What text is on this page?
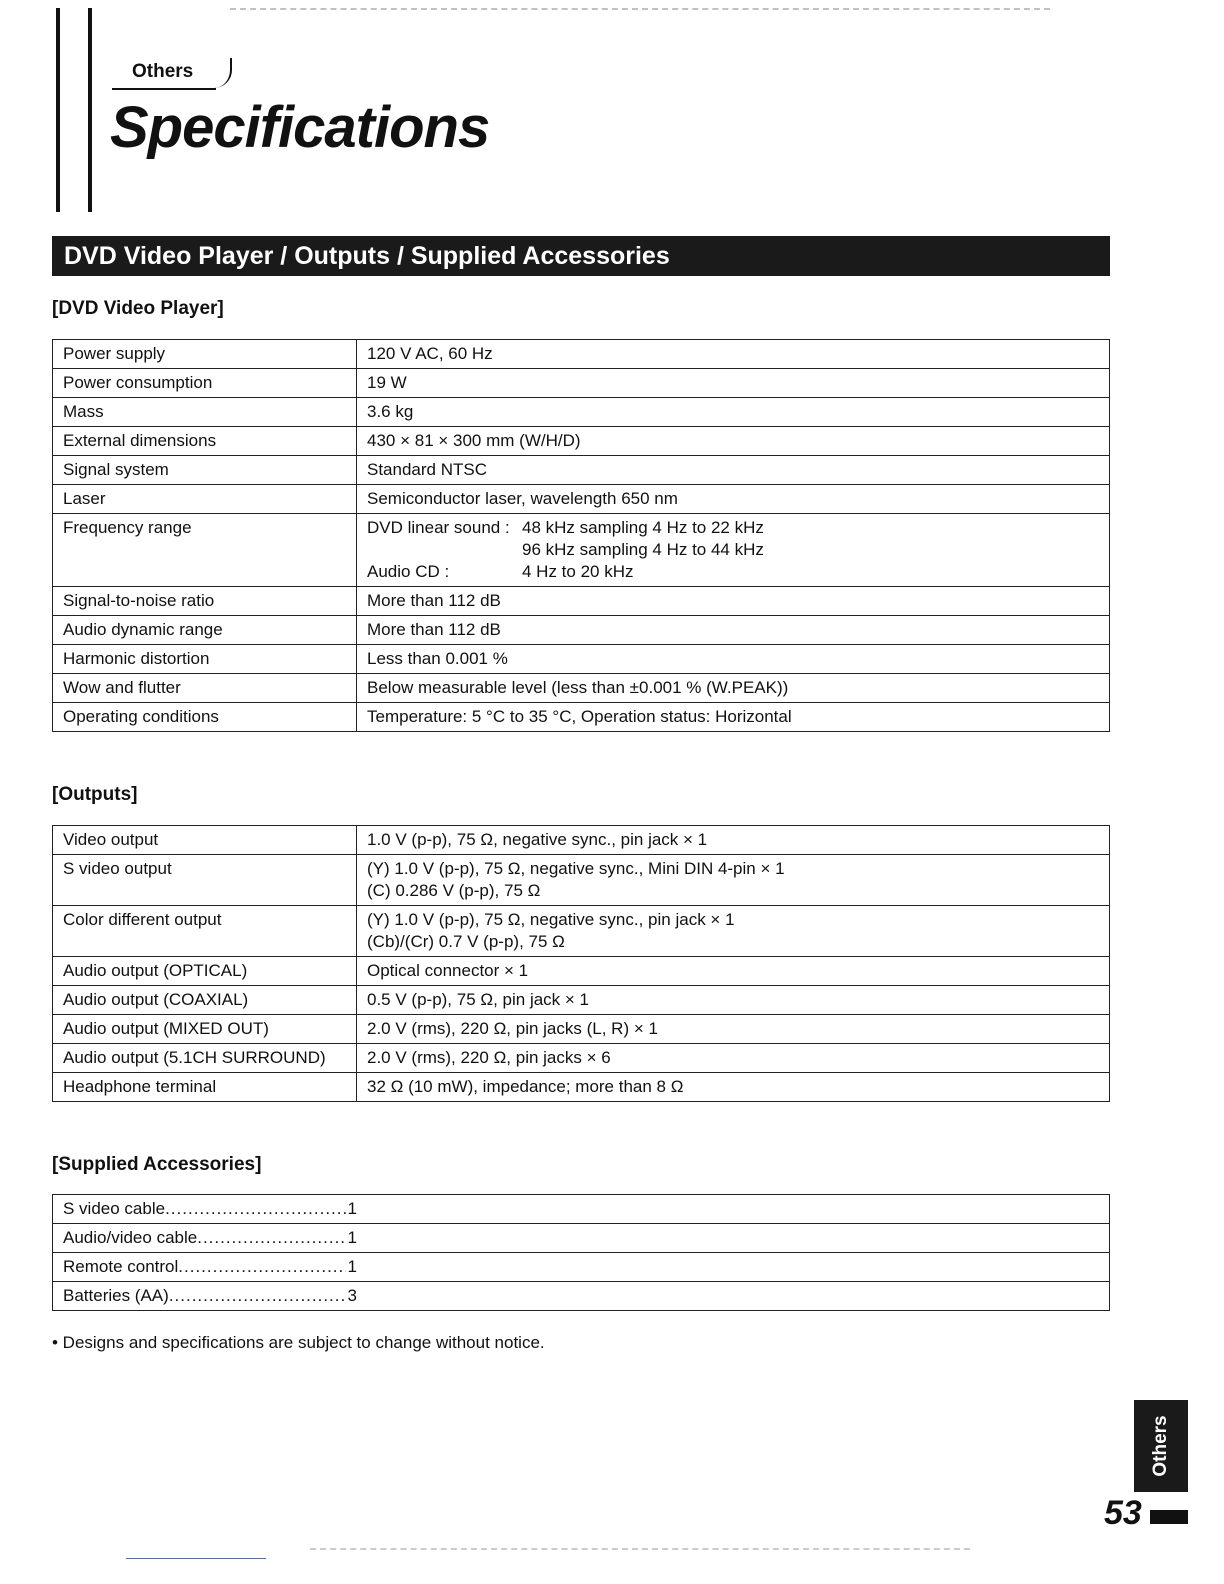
Others
Specifications
DVD Video Player / Outputs / Supplied Accessories
[DVD Video Player]
Power supply	120 V AC, 60 Hz

Power consumption	19 W

Mass	3.6 kg

External dimensions	430 × 81 × 300 mm (W/H/D)

Signal system	Standard NTSC

Laser	Semiconductor laser, wavelength 650 nm

Frequency range	DVD linear sound : 48 kHz sampling 4 Hz to 22 kHz
96 kHz sampling 4 Hz to 44 kHz
Audio CD : 4 Hz to 20 kHz

Signal-to-noise ratio	More than 112 dB

Audio dynamic range	More than 112 dB

Harmonic distortion	Less than 0.001 %

Wow and flutter	Below measurable level (less than ±0.001 % (W.PEAK))

Operating conditions	Temperature: 5 °C to 35 °C, Operation status: Horizontal
[Outputs]
Video output	1.0 V (p-p), 75 Ω, negative sync., pin jack × 1

S video output	(Y) 1.0 V (p-p), 75 Ω, negative sync., Mini DIN 4-pin × 1
(C) 0.286 V (p-p), 75 Ω

Color different output	(Y) 1.0 V (p-p), 75 Ω, negative sync., pin jack × 1
(Cb)/(Cr) 0.7 V (p-p), 75 Ω

Audio output (OPTICAL)	Optical connector × 1

Audio output (COAXIAL)	0.5 V (p-p), 75 Ω, pin jack × 1

Audio output (MIXED OUT)	2.0 V (rms), 220 Ω, pin jacks (L, R) × 1

Audio output (5.1CH SURROUND)	2.0 V (rms), 220 Ω, pin jacks × 6

Headphone terminal	32 Ω (10 mW), impedance; more than 8 Ω
[Supplied Accessories]
S video cable .....	1

Audio/video cable .....	1

Remote control .....	1

Batteries (AA) .....	3
• Designs and specifications are subject to change without notice.
Others
53
